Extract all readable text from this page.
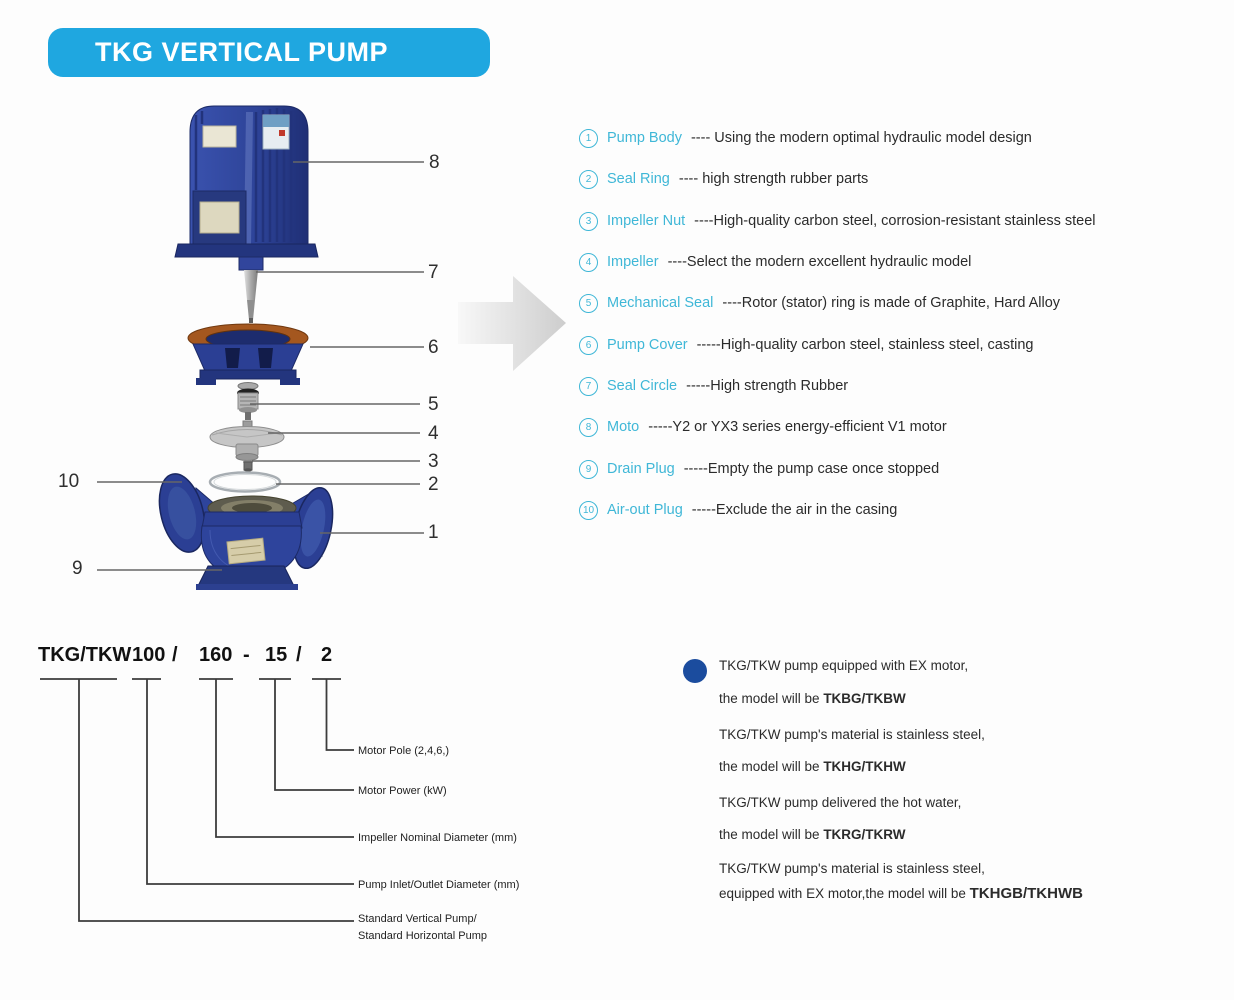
TKG VERTICAL PUMP
8
7
6
5
4
3
2
1
10
9
1	Pump Body ---- Using the modern optimal hydraulic model design
2	Seal Ring ---- high strength rubber parts
3	Impeller Nut ----High-quality carbon steel, corrosion-resistant stainless steel
4	Impeller ----Select the modern excellent hydraulic model
5	Mechanical Seal ----Rotor (stator) ring is made of Graphite, Hard Alloy
6	Pump Cover -----High-quality carbon steel, stainless steel, casting
7	Seal Circle -----High strength Rubber
8	Moto -----Y2 or YX3 series energy-efficient V1 motor
9	Drain Plug -----Empty the pump case once stopped
10 Air-out Plug -----Exclude the air in the casing
TKG/TKW 100 / 160 - 15 / 2
Motor Pole (2,4,6,)
Motor Power (kW)
Impeller Nominal Diameter (mm)
Pump Inlet/Outlet Diameter (mm)
Standard Vertical Pump/
Standard Horizontal Pump
TKG/TKW pump equipped with EX motor,
the model will be TKBG/TKBW
TKG/TKW pump's material is stainless steel,
the model will be TKHG/TKHW
TKG/TKW pump delivered the hot water,
the model will be TKRG/TKRW
TKG/TKW pump's material is stainless steel,
equipped with EX motor,the model will be TKHGB/TKHWB
